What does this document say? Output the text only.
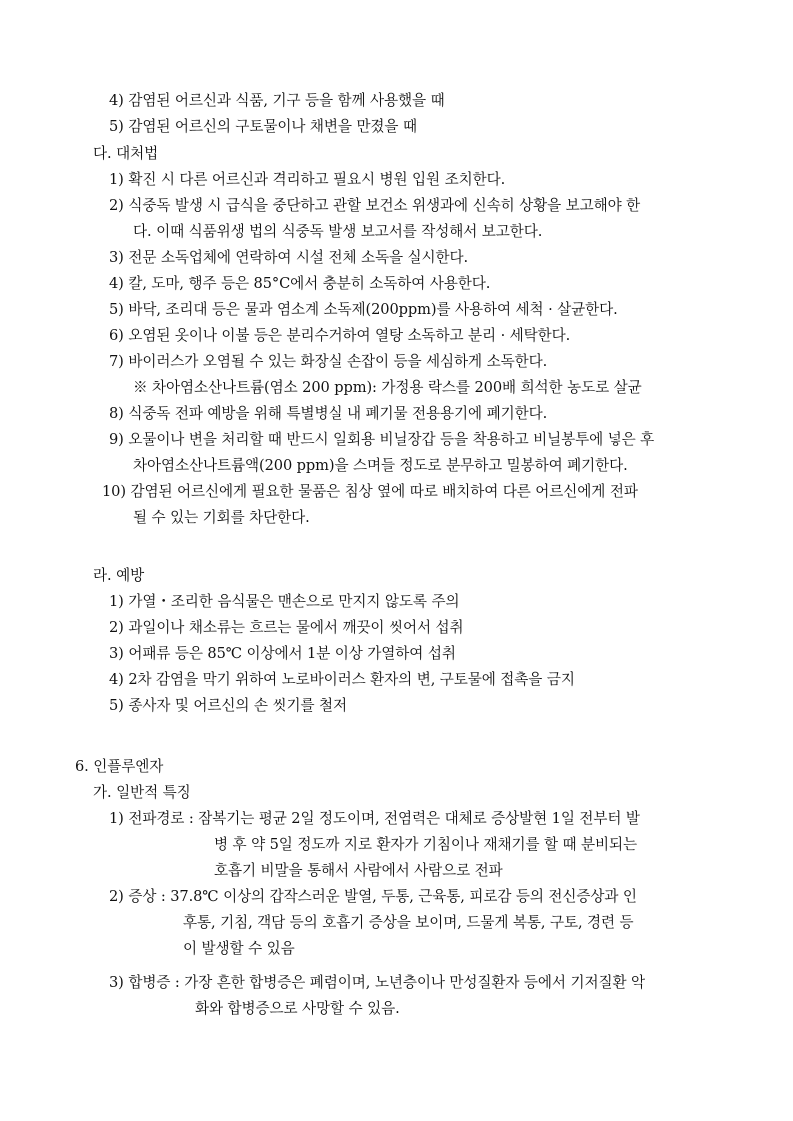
4) 감염된 어르신과 식품, 기구 등을 함께 사용했을 때
5) 감염된 어르신의 구토물이나 채변을 만졌을 때
다. 대처법
1) 확진 시 다른 어르신과 격리하고 필요시 병원 입원 조치한다.
2) 식중독 발생 시 급식을 중단하고 관할 보건소 위생과에 신속히 상황을 보고해야 한
다. 이때 식품위생 법의 식중독 발생 보고서를 작성해서 보고한다.
3) 전문 소독업체에 연락하여 시설 전체 소독을 실시한다.
4) 칼, 도마, 행주 등은 85°C에서 충분히 소독하여 사용한다.
5) 바닥, 조리대 등은 물과 염소계 소독제(200ppm)를 사용하여 세척 · 살균한다.
6) 오염된 옷이나 이불 등은 분리수거하여 열탕 소독하고 분리 · 세탁한다.
7) 바이러스가 오염될 수 있는 화장실 손잡이 등을 세심하게 소독한다.
※ 차아염소산나트륨(염소 200 ppm): 가정용 락스를 200배 희석한 농도로 살균
8) 식중독 전파 예방을 위해 특별병실 내 폐기물 전용용기에 폐기한다.
9) 오물이나 변을 처리할 때 반드시 일회용 비닐장갑 등을 착용하고 비닐봉투에 넣은 후
차아염소산나트륨액(200 ppm)을 스며들 정도로 분무하고 밀봉하여 폐기한다.
10) 감염된 어르신에게 필요한 물품은 침상 옆에 따로 배치하여 다른 어르신에게 전파
될 수 있는 기회를 차단한다.
라. 예방
1) 가열・조리한 음식물은 맨손으로 만지지 않도록 주의
2) 과일이나 채소류는 흐르는 물에서 깨끗이 씻어서 섭취
3) 어패류 등은 85℃ 이상에서 1분 이상 가열하여 섭취
4) 2차 감염을 막기 위하여 노로바이러스 환자의 변, 구토물에 접촉을 금지
5) 종사자 및 어르신의 손 씻기를 철저
6. 인플루엔자
가. 일반적 특징
1) 전파경로 : 잠복기는 평균 2일 정도이며, 전염력은 대체로 증상발현 1일 전부터 발
병 후 약 5일 정도까 지로 환자가 기침이나 재채기를 할 때 분비되는
호흡기 비말을 통해서 사람에서 사람으로 전파
2) 증상 : 37.8℃ 이상의 갑작스러운 발열, 두통, 근육통, 피로감 등의 전신증상과 인
후통, 기침, 객담 등의 호흡기 증상을 보이며, 드물게 복통, 구토, 경련 등
이 발생할 수 있음
3) 합병증 : 가장 흔한 합병증은 폐렴이며, 노년층이나 만성질환자 등에서 기저질환 악
화와 합병증으로 사망할 수 있음.
